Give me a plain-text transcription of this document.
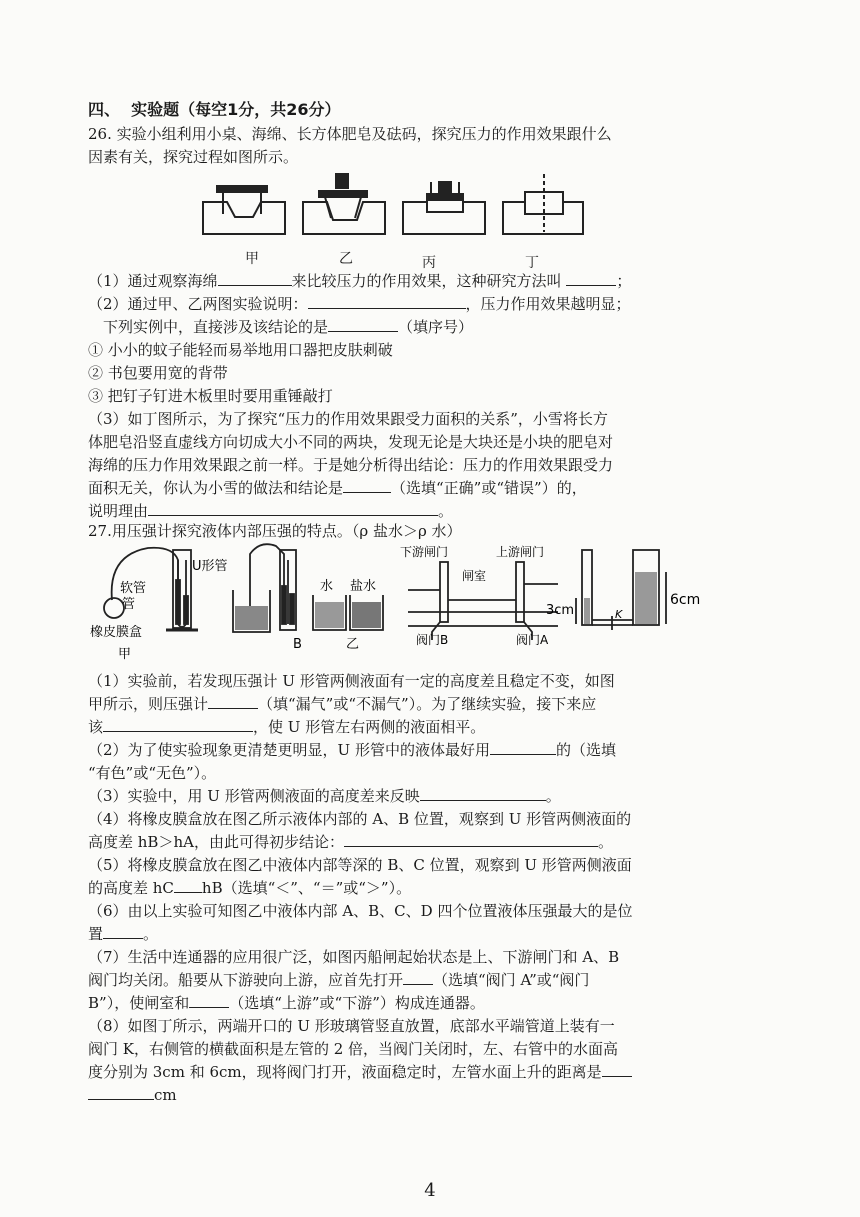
四、  实验题（每空1分，共26分）
26. 实验小组利用小桌、海绵、长方体肥皂及砝码，探究压力的作用效果跟什么
因素有关，探究过程如图所示。
甲	乙	丙	丁
（1）通过观察海绵	来比较压力的作用效果，这种研究方法叫	；
（2）通过甲、乙两图实验说明：	，压力作用效果越明显；
下列实例中，直接涉及该结论的是	（填序号）
① 小小的蚊子能轻而易举地用口器把皮肤刺破
② 书包要用宽的背带
③ 把钉子钉进木板里时要用重锤敲打
（3）如丁图所示，为了探究“压力的作用效果跟受力面积的关系”，小雪将长方
体肥皂沿竖直虚线方向切成大小不同的两块，发现无论是大块还是小块的肥皂对
海绵的压力作用效果跟之前一样。于是她分析得出结论：压力的作用效果跟受力
面积无关，你认为小雪的做法和结论是	（选填“正确”或“错误”）的，
说明理由	。
27.用压强计探究液体内部压强的特点。（ρ 盐水＞ρ 水）
软管
管
U形管
橡皮膜盒
甲
水 盐水
B	乙
下游闸门	上游闸门
闸室
阀门B	阀门A
3cm
6cm
K
（1）实验前，若发现压强计 U 形管两侧液面有一定的高度差且稳定不变，如图
甲所示，则压强计	（填“漏气”或“不漏气”）。为了继续实验，接下来应
该	，使 U 形管左右两侧的液面相平。
（2）为了使实验现象更清楚更明显，U 形管中的液体最好用	的（选填
“有色”或“无色”）。
（3）实验中，用 U 形管两侧液面的高度差来反映	。
（4）将橡皮膜盒放在图乙所示液体内部的 A、B 位置，观察到 U 形管两侧液面的
高度差 hB＞hA，由此可得初步结论：	。
（5）将橡皮膜盒放在图乙中液体内部等深的 B、C 位置，观察到 U 形管两侧液面
的高度差 hC hB（选填“＜”、“＝”或“＞”）。
（6）由以上实验可知图乙中液体内部 A、B、C、D 四个位置液体压强最大的是位
置	。
（7）生活中连通器的应用很广泛，如图丙船闸起始状态是上、下游闸门和 A、B
阀门均关闭。船要从下游驶向上游，应首先打开 （选填“阀门 A”或“阀门
B”），使闸室和	（选填“上游”或“下游”）构成连通器。
（8）如图丁所示，两端开口的 U 形玻璃管竖直放置，底部水平端管道上装有一
阀门 K，右侧管的横截面积是左管的 2 倍，当阀门关闭时，左、右管中的水面高
度分别为 3cm 和 6cm，现将阀门打开，液面稳定时，左管水面上升的距离是
cm
4
